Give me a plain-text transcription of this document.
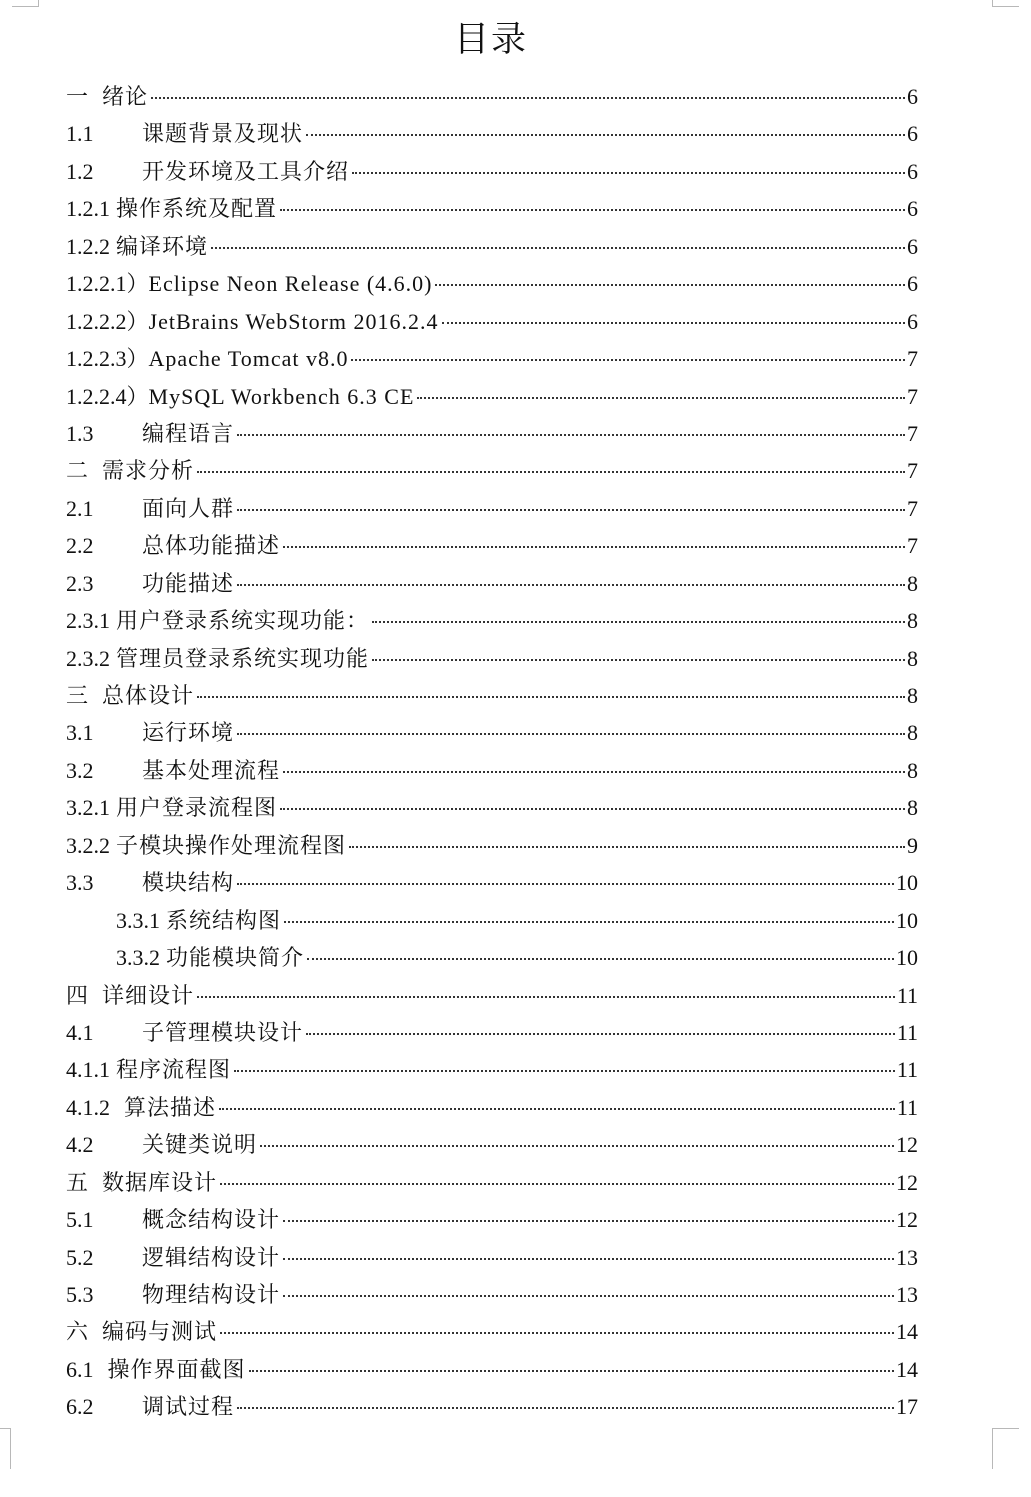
目录
一 绪论	6
1.1	课题背景及现状	6
1.2	开发环境及工具介绍	6
1.2.1 操作系统及配置	6
1.2.2 编译环境	6
1.2.2.1） Eclipse Neon Release (4.6.0)	6
1.2.2.2） JetBrains WebStorm 2016.2.4	6
1.2.2.3） Apache Tomcat v8.0	7
1.2.2.4） MySQL Workbench 6.3 CE	7
1.3	编程语言	7
二 需求分析	7
2.1	面向人群	7
2.2	总体功能描述	7
2.3	功能描述	8
2.3.1 用户登录系统实现功能：	8
2.3.2 管理员登录系统实现功能	8
三 总体设计	8
3.1	运行环境	8
3.2	基本处理流程	8
3.2.1 用户登录流程图	8
3.2.2 子模块操作处理流程图	9
3.3	模块结构	10
3.3.1 系统结构图	10
3.3.2 功能模块简介	10
四 详细设计	11
4.1	子管理模块设计	11
4.1.1 程序流程图	11
4.1.2 算法描述	11
4.2	关键类说明	12
五 数据库设计	12
5.1	概念结构设计	12
5.2	逻辑结构设计	13
5.3	物理结构设计	13
六 编码与测试	14
6.1 操作界面截图	14
6.2	调试过程	17
